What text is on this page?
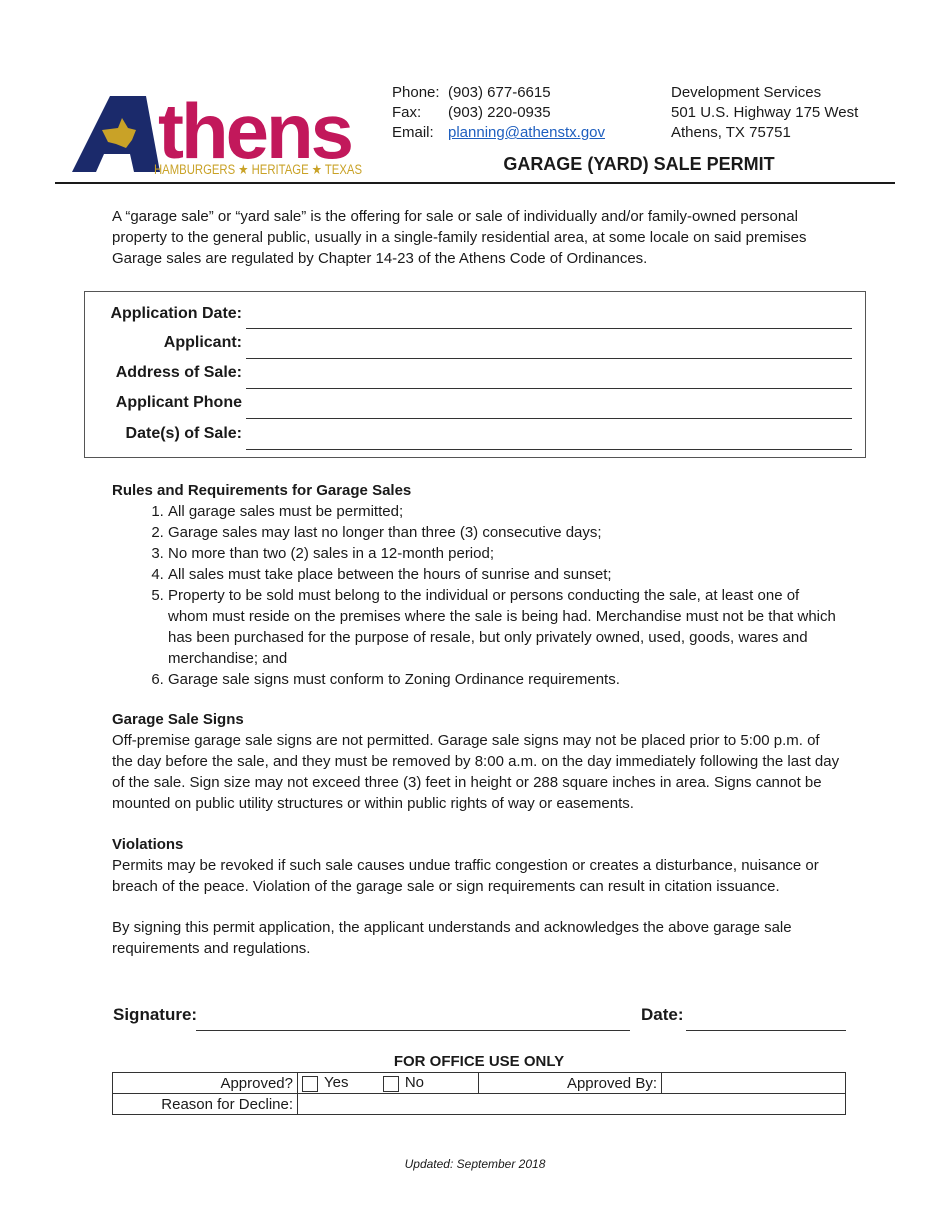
thens
HAMBURGERS ★ HERITAGE ★ TEXAS
Phone: (903) 677-6615
Fax: (903) 220-0935
Email: planning@athenstx.gov
Development Services
501 U.S. Highway 175 West
Athens, TX 75751
GARAGE (YARD) SALE PERMIT
A “garage sale” or “yard sale” is the offering for sale or sale of individually and/or family-owned personal property to the general public, usually in a single-family residential area, at some locale on said premises Garage sales are regulated by Chapter 14-23 of the Athens Code of Ordinances.
Application Date:
Applicant:
Address of Sale:
Applicant Phone
Date(s) of Sale:
Rules and Requirements for Garage Sales
1. All garage sales must be permitted;
2. Garage sales may last no longer than three (3) consecutive days;
3. No more than two (2) sales in a 12-month period;
4. All sales must take place between the hours of sunrise and sunset;
5. Property to be sold must belong to the individual or persons conducting the sale, at least one of whom must reside on the premises where the sale is being had. Merchandise must not be that which has been purchased for the purpose of resale, but only privately owned, used, goods, wares and merchandise; and
6. Garage sale signs must conform to Zoning Ordinance requirements.
Garage Sale Signs

Off-premise garage sale signs are not permitted. Garage sale signs may not be placed prior to 5:00 p.m. of the day before the sale, and they must be removed by 8:00 a.m. on the day immediately following the last day of the sale. Sign size may not exceed three (3) feet in height or 288 square inches in area. Signs cannot be mounted on public utility structures or within public rights of way or easements.

Violations

Permits may be revoked if such sale causes undue traffic congestion or creates a disturbance, nuisance or breach of the peace. Violation of the garage sale or sign requirements can result in citation issuance.

By signing this permit application, the applicant understands and acknowledges the above garage sale requirements and regulations.
Signature:	Date:
FOR OFFICE USE ONLY
Approved?	Yes No	Approved By:	
Reason for Decline:			
Updated: September 2018
